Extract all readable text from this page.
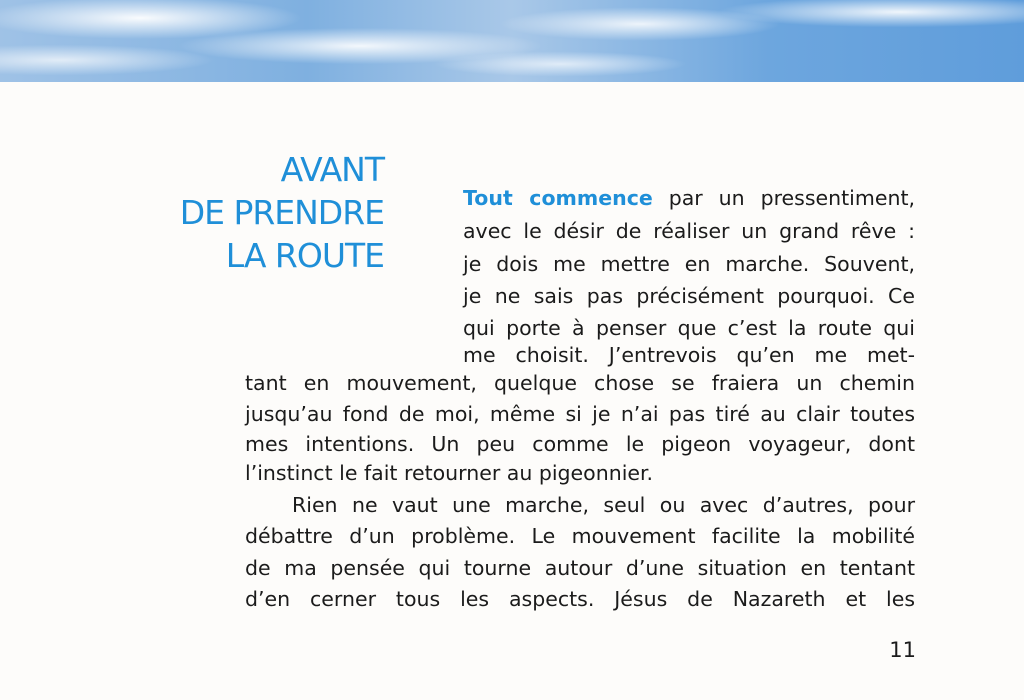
AVANT
DE PRENDRE
LA ROUTE
Tout commence par un pressentiment,
avec le désir de réaliser un grand rêve :
je dois me mettre en marche. Souvent,
je ne sais pas précisément pourquoi. Ce
qui porte à penser que c’est la route qui
me choisit. J’entrevois qu’en me met-
tant en mouvement, quelque chose se fraiera un chemin
jusqu’au fond de moi, même si je n’ai pas tiré au clair toutes
mes intentions. Un peu comme le pigeon voyageur, dont
l’instinct le fait retourner au pigeonnier.
Rien ne vaut une marche, seul ou avec d’autres, pour
débattre d’un problème. Le mouvement facilite la mobilité
de ma pensée qui tourne autour d’une situation en tentant
d’en cerner tous les aspects. Jésus de Nazareth et les
11
